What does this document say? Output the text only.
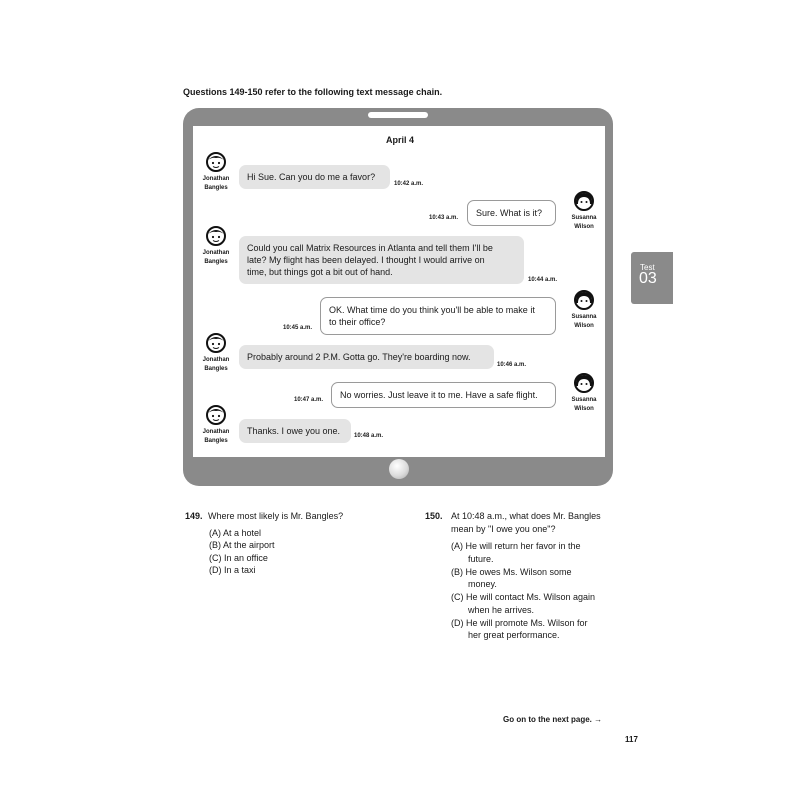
Questions 149-150 refer to the following text message chain.
April 4
Jonathan
Bangles
Hi Sue. Can you do me a favor?
10:42 a.m.
Susanna
Wilson
Sure. What is it?
10:43 a.m.
Jonathan
Bangles
Could you call Matrix Resources in Atlanta and tell them I'll be
late? My flight has been delayed. I thought I would arrive on
time, but things got a bit out of hand.
10:44 a.m.
Susanna
Wilson
OK. What time do you think you'll be able to make it
to their office?
10:45 a.m.
Jonathan
Bangles
Probably around 2 P.M. Gotta go. They're boarding now.
10:46 a.m.
Susanna
Wilson
No worries. Just leave it to me. Have a safe flight.
10:47 a.m.
Jonathan
Bangles
Thanks. I owe you one.	10:48 a.m.
Test
03
149. Where most likely is Mr. Bangles?
(A) At a hotel
(B) At the airport
(C) In an office
(D) In a taxi
150. At 10:48 a.m., what does Mr. Bangles
mean by "I owe you one"?
(A) He will return her favor in the
future.
(B) He owes Ms. Wilson some
money.
(C) He will contact Ms. Wilson again
when he arrives.
(D) He will promote Ms. Wilson for
her great performance.
Go on to the next page. →
117
